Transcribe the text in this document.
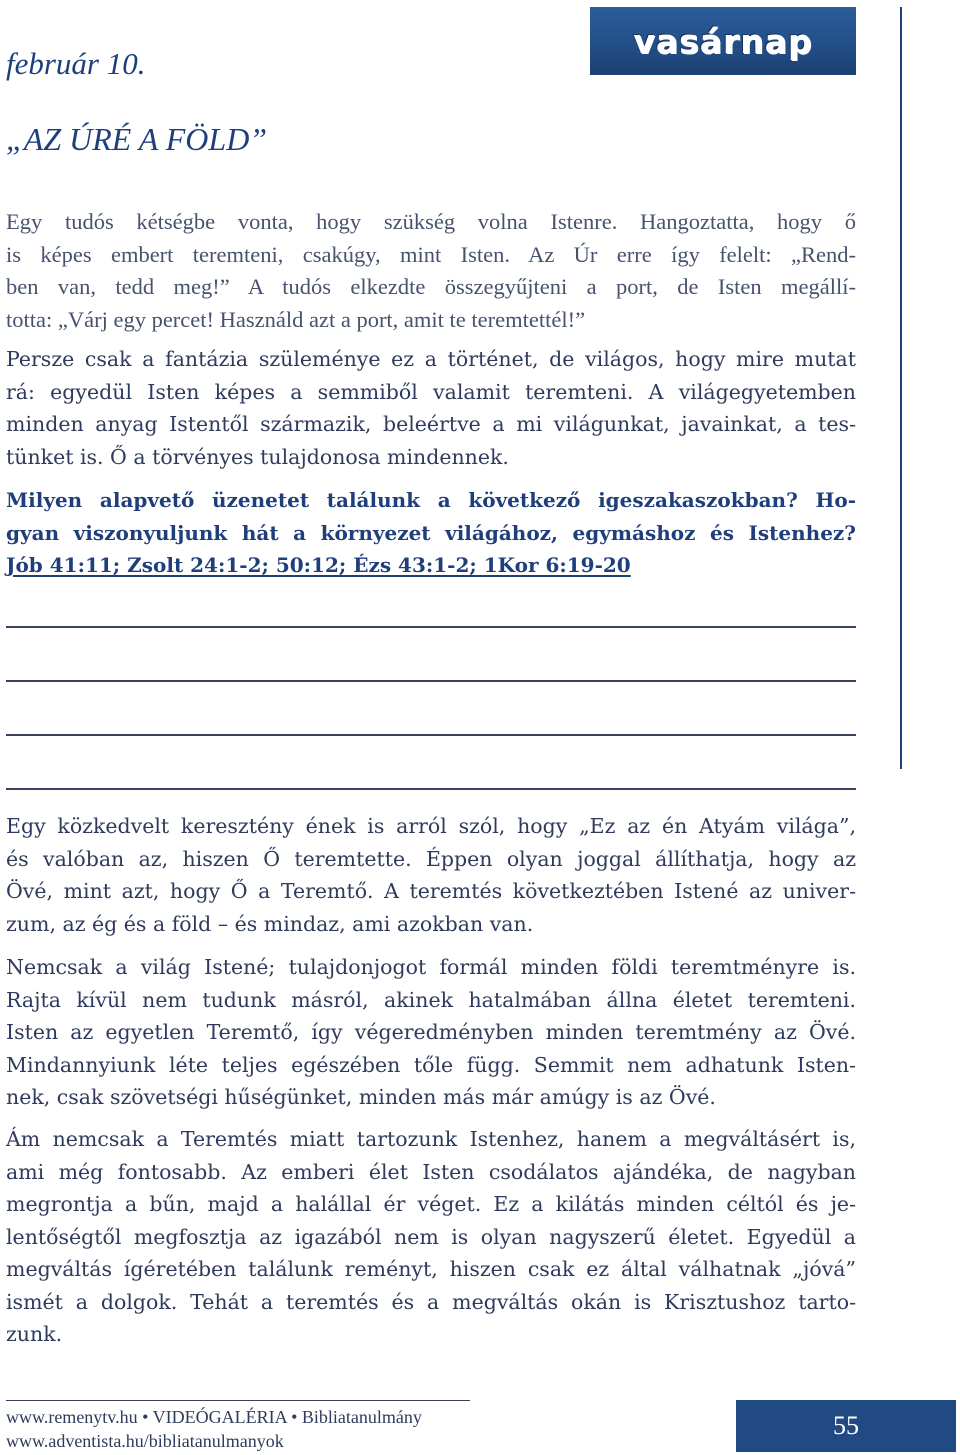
február 10.
vasárnap
„AZ ÚRÉ A FÖLD”

Egy tudós kétségbe vonta, hogy szükség volna Istenre. Hangoztatta, hogy ő
is képes embert teremteni, csakúgy, mint Isten. Az Úr erre így felelt: „Rend-
ben van, tedd meg!” A tudós elkezdte összegyűjteni a port, de Isten megállí-
totta: „Várj egy percet! Használd azt a port, amit te teremtettél!”

Persze csak a fantázia szüleménye ez a történet, de világos, hogy mire mutat
rá: egyedül Isten képes a semmiből valamit teremteni. A világegyetemben
minden anyag Istentől származik, beleértve a mi világunkat, javainkat, a tes-
tünket is. Ő a törvényes tulajdonosa mindennek.

Milyen alapvető üzenetet találunk a következő igeszakaszokban? Ho-
gyan viszonyuljunk hát a környezet világához, egymáshoz és Istenhez?
Jób 41:11; Zsolt 24:1-2; 50:12; Ézs 43:1-2; 1Kor 6:19-20

Egy közkedvelt keresztény ének is arról szól, hogy „Ez az én Atyám világa”,
és valóban az, hiszen Ő teremtette. Éppen olyan joggal állíthatja, hogy az
Övé, mint azt, hogy Ő a Teremtő. A teremtés következtében Istené az univer-
zum, az ég és a föld – és mindaz, ami azokban van.

Nemcsak a világ Istené; tulajdonjogot formál minden földi teremtményre is.
Rajta kívül nem tudunk másról, akinek hatalmában állna életet teremteni.
Isten az egyetlen Teremtő, így végeredményben minden teremtmény az Övé.
Mindannyiunk léte teljes egészében tőle függ. Semmit nem adhatunk Isten-
nek, csak szövetségi hűségünket, minden más már amúgy is az Övé.

Ám nemcsak a Teremtés miatt tartozunk Istenhez, hanem a megváltásért is,
ami még fontosabb. Az emberi élet Isten csodálatos ajándéka, de nagyban
megrontja a bűn, majd a halállal ér véget. Ez a kilátás minden céltól és je-
lentőségtől megfosztja az igazából nem is olyan nagyszerű életet. Egyedül a
megváltás ígéretében találunk reményt, hiszen csak ez által válhatnak „jóvá”
ismét a dolgok. Tehát a teremtés és a megváltás okán is Krisztushoz tarto-
zunk.

www.remenytv.hu • VIDEÓGALÉRIA • Bibliatanulmány
www.adventista.hu/bibliatanulmanyok
55
